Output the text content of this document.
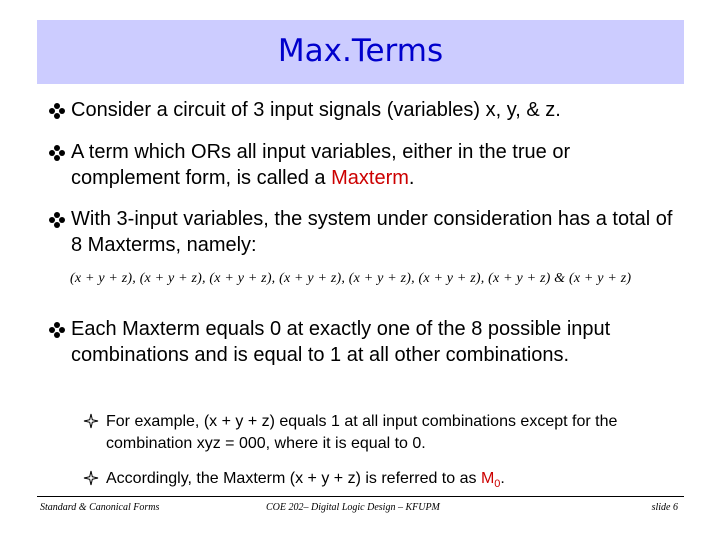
Max.Terms
Consider a circuit of 3 input signals (variables) x, y, & z.
A term which ORs all input variables, either in the true or complement form, is called a Maxterm.
With 3-input variables, the system under consideration has a total of 8 Maxterms, namely:
(x + y + z), (x + y + z), (x + y + z), (x + y + z), (x + y + z), (x + y + z), (x + y + z) & (x + y + z)
Each Maxterm equals 0 at exactly one of the 8 possible input combinations and is equal to 1 at all other combinations.
For example, (x + y + z) equals 1 at all input combinations except for the combination xyz = 000, where it is equal to 0.
Accordingly, the Maxterm (x + y + z) is referred to as $M_0$.
Standard & Canonical Forms	COE 202– Digital Logic Design – KFUPM	slide 6
